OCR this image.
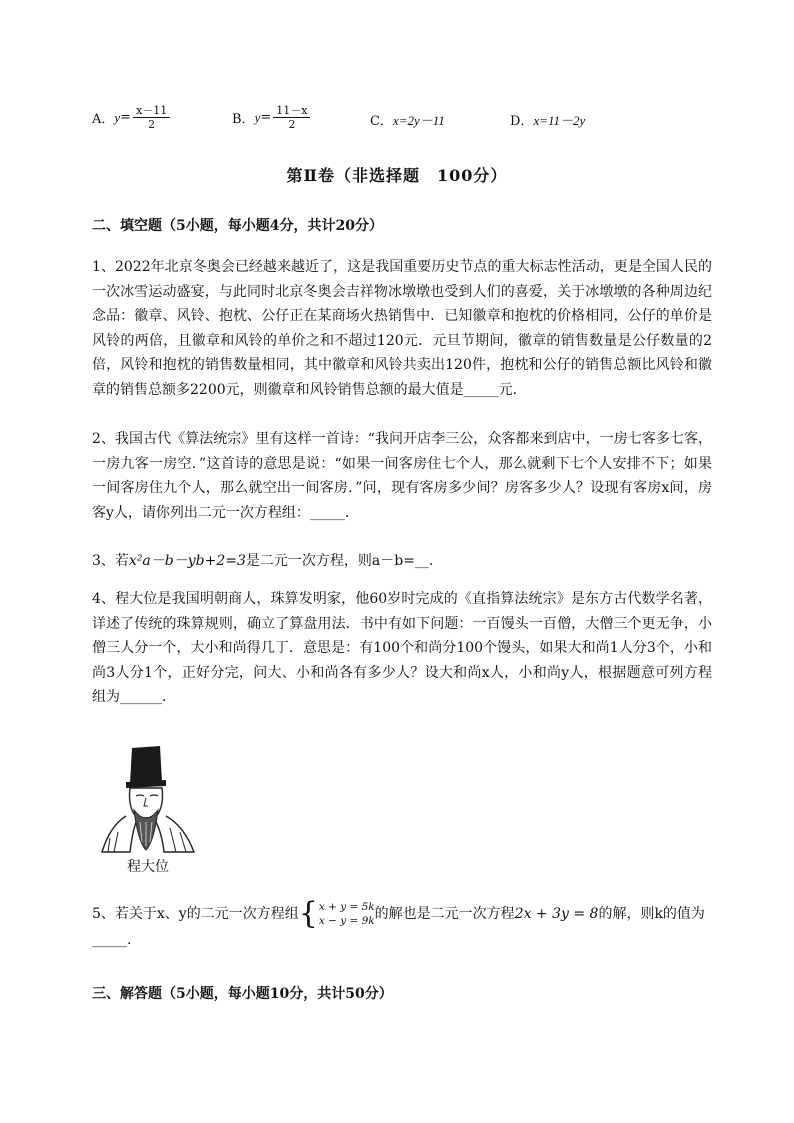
A． $y = \frac{x-11}{2}$	B． $y = \frac{11-x}{2}$	C． x=2y－11	D． x=11－2y
第Ⅱ卷（非选择题　100分）
二、填空题（5小题，每小题4分，共计20分）
1、2022年北京冬奥会已经越来越近了，这是我国重要历史节点的重大标志性活动，更是全国人民的一次冰雪运动盛宴，与此同时北京冬奥会吉祥物冰墩墩也受到人们的喜爱，关于冰墩墩的各种周边纪念品：徽章、风铃、抱枕、公仔正在某商场火热销售中．已知徽章和抱枕的价格相同，公仔的单价是风铃的两倍，且徽章和风铃的单价之和不超过120元．元旦节期间，徽章的销售数量是公仔数量的2倍，风铃和抱枕的销售数量相同，其中徽章和风铃共卖出120件，抱枕和公仔的销售总额比风铃和徽章的销售总额多2200元，则徽章和风铃销售总额的最大值是_____元．
2、我国古代《算法统宗》里有这样一首诗：“我问开店李三公，众客都来到店中，一房七客多七客，一房九客一房空．”这首诗的意思是说：“如果一间客房住七个人，那么就剩下七个人安排不下；如果一间客房住九个人，那么就空出一间客房．”问，现有客房多少间？房客多少人？设现有客房x间，房客y人，请你列出二元一次方程组：_____．
3、若x²a－b－yb+2=3是二元一次方程，则a－b=__．
4、程大位是我国明朝商人，珠算发明家，他60岁时完成的《直指算法统宗》是东方古代数学名著，详述了传统的珠算规则，确立了算盘用法．书中有如下问题：一百馒头一百僧，大僧三个更无争，小僧三人分一个，大小和尚得几丁．意思是：有100个和尚分100个馒头，如果大和尚1人分3个，小和尚3人分1个，正好分完，问大、小和尚各有多少人？设大和尚x人，小和尚y人，根据题意可列方程组为______．
程大位
5、若关于x、y的二元一次方程组 { x + y = 5k
x − y = 9k 的解也是二元一次方程2x + 3y = 8的解，则k的值为
_____.
三、解答题（5小题，每小题10分，共计50分）
